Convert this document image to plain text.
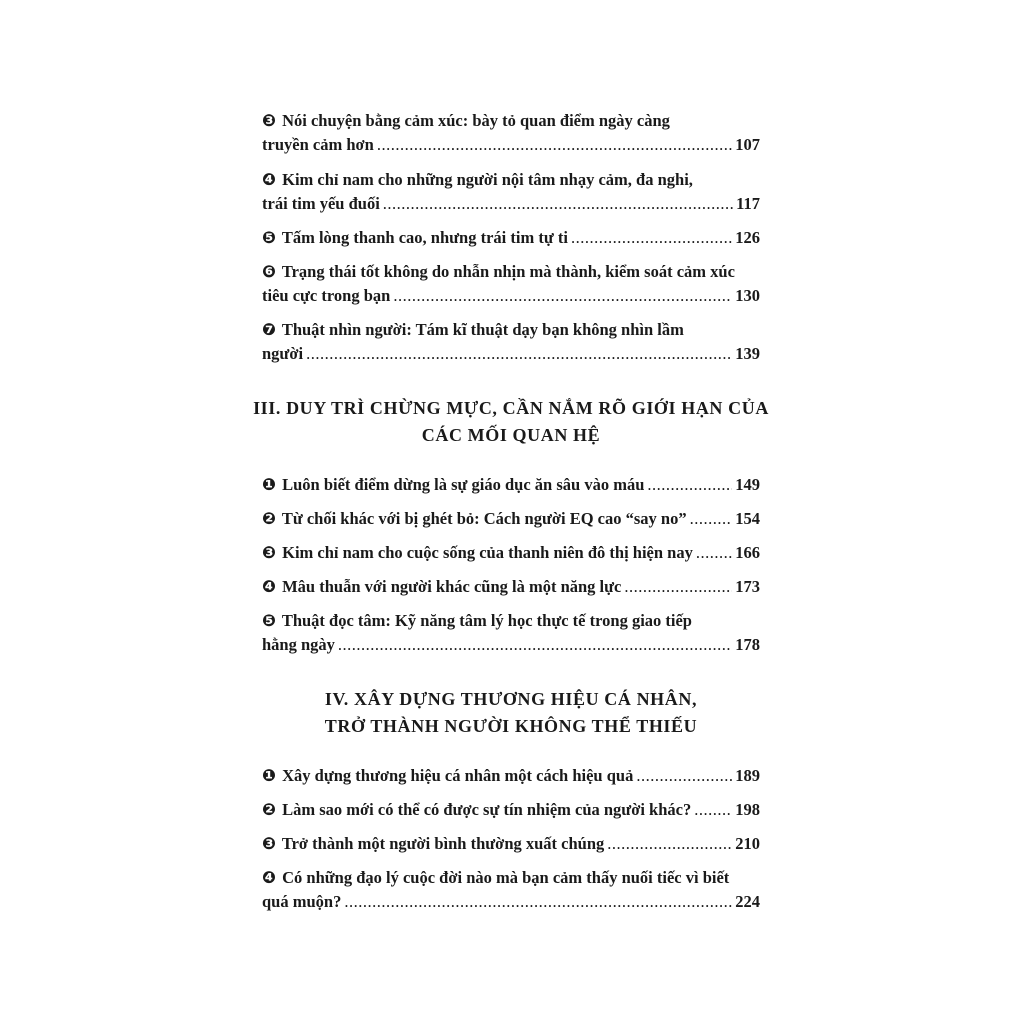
❸ Nói chuyện bằng cảm xúc: bày tỏ quan điểm ngày càng
truyền cảm hơn .....	107
❹ Kim chỉ nam cho những người nội tâm nhạy cảm, đa nghi,
trái tim yếu đuối .....	117
❺ Tấm lòng thanh cao, nhưng trái tim tự ti .....	126
❻ Trạng thái tốt không do nhẫn nhịn mà thành, kiểm soát cảm xúc
tiêu cực trong bạn .....	130
❼ Thuật nhìn người: Tám kĩ thuật dạy bạn không nhìn lầm
người .....	139
III. DUY TRÌ CHỪNG MỰC, CẦN NẮM RÕ GIỚI HẠN CỦA
CÁC MỐI QUAN HỆ
❶ Luôn biết điểm dừng là sự giáo dục ăn sâu vào máu .....	149
❷ Từ chối khác với bị ghét bỏ: Cách người EQ cao “say no” .....	154
❸ Kim chỉ nam cho cuộc sống của thanh niên đô thị hiện nay .....	166
❹ Mâu thuẫn với người khác cũng là một năng lực .....	173
❺ Thuật đọc tâm: Kỹ năng tâm lý học thực tế trong giao tiếp
hằng ngày .....	178
IV. XÂY DỰNG THƯƠNG HIỆU CÁ NHÂN,
TRỞ THÀNH NGƯỜI KHÔNG THỂ THIẾU
❶ Xây dựng thương hiệu cá nhân một cách hiệu quả .....	189
❷ Làm sao mới có thể có được sự tín nhiệm của người khác? .....	198
❸ Trở thành một người bình thường xuất chúng .....	210
❹ Có những đạo lý cuộc đời nào mà bạn cảm thấy nuối tiếc vì biết
quá muộn? .....	224
